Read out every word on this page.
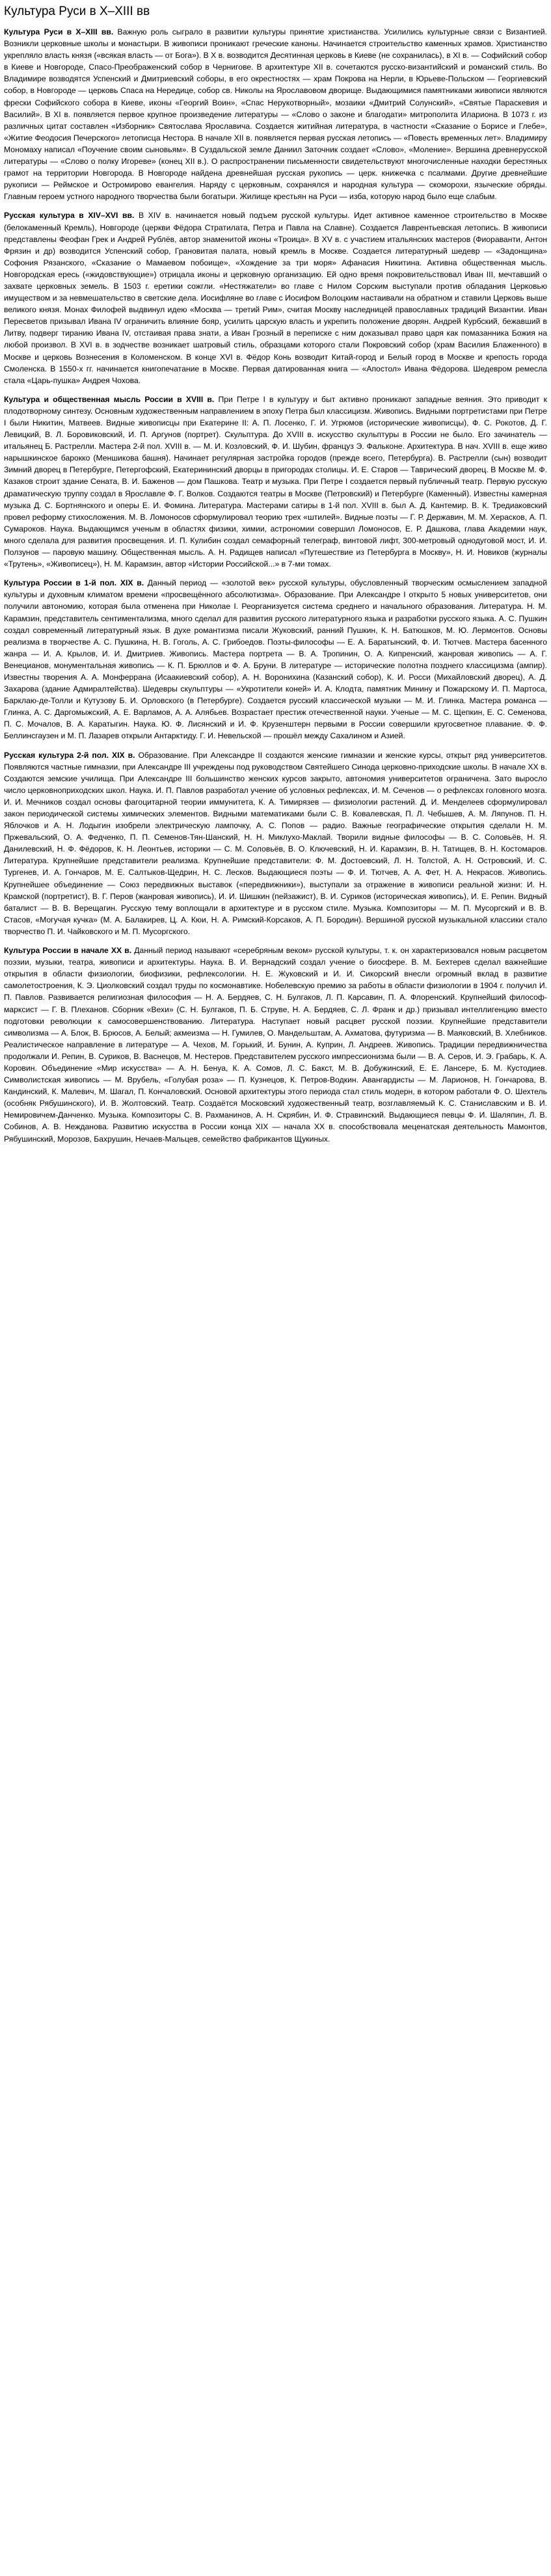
Культура Руси в X–XIII вв

Культура Руси в X–XIII вв. Важную роль сыграло в развитии культуры принятие христианства. Усилились культурные связи с Византией. Возникли церковные школы и монастыри. В живописи проникают греческие каноны. Начинается строительство каменных храмов. Христианство укрепляло власть князя («всякая власть — от Бога»). В X в. возводится Десятинная церковь в Киеве (не сохранилась), в XI в. — Софийский собор в Киеве и Новгороде, Спасо-Преображенский собор в Чернигове. В архитектуре XII в. сочетаются русско-византийский и романский стиль. Во Владимире возводятся Успенский и Дмитриевский соборы, в его окрестностях — храм Покрова на Нерли, в Юрьеве-Польском — Георгиевский собор, в Новгороде — церковь Спаса на Нередице, собор св. Николы на Ярославовом дворище. Выдающимися памятниками живописи являются фрески Софийского собора в Киеве, иконы «Георгий Воин», «Спас Нерукотворный», мозаики «Дмитрий Солунский», «Святые Параскевия и Василий». В XI в. появляется первое крупное произведение литературы — «Слово о законе и благодати» митрополита Илариона. В 1073 г. из различных цитат составлен «Изборник» Святослава Ярославича. Создается житийная литература, в частности «Сказание о Борисе и Глебе», «Житие Феодосия Печерского» летописца Нестора. В начале XII в. появляется первая русская летопись — «Повесть временных лет». Владимиру Мономаху написал «Поучение своим сыновьям». В Суздальской земле Даниил Заточник создает «Слово», «Моление». Вершина древнерусской литературы — «Слово о полку Игореве» (конец XII в.). О распространении письменности свидетельствуют многочисленные находки берестяных грамот на территории Новгорода. В Новгороде найдена древнейшая русская рукопись — церк. книжечка с псалмами. Другие древнейшие рукописи — Реймское и Остромирово евангелия. Наряду с церковным, сохранялся и народная культура — скоморохи, языческие обряды. Главным героем устного народного творчества были богатыри. Жилище крестьян на Руси — изба, которую народ было еще слабым.

Русская культура в XIV–XVI вв. В XIV в. начинается новый подъем русской культуры. Идет активное каменное строительство в Москве (белокаменный Кремль), Новгороде (церкви Фёдора Стратилата, Петра и Павла на Славне). Создается Лаврентьевская летопись. В живописи представлены Феофан Грек и Андрей Рублёв, автор знаменитой иконы «Троица». В XV в. с участием итальянских мастеров (Фиораванти, Антон Фрязин и др) возводится Успенский собор, Грановитая палата, новый кремль в Москве. Создается литературный шедевр — «Задонщина» Софония Рязанского, «Сказание о Мамаевом побоище», «Хождение за три моря» Афанасия Никитина. Активна общественная мысль. Новгородская ересь («жидовствующие») отрицала иконы и церковную организацию. Ей одно время покровительствовал Иван III, мечтавший о захвате церковных земель. В 1503 г. еретики сожгли. «Нестяжатели» во главе с Нилом Сорским выступали против обладания Церковью имуществом и за невмешательство в светские дела. Иосифляне во главе с Иосифом Волоцким настаивали на обратном и ставили Церковь выше великого князя. Монах Филофей выдвинул идею «Москва — третий Рим», считая Москву наследницей православных традиций Византии. Иван Пересветов призывал Ивана IV ограничить влияние бояр, усилить царскую власть и укрепить положение дворян. Андрей Курбский, бежавший в Литву, подверг тиранию Ивана IV, отстаивая права знати, а Иван Грозный в переписке с ним доказывал право царя как помазанника Божия на любой произвол. В XVI в. в зодчестве возникает шатровый стиль, образцами которого стали Покровский собор (храм Василия Блаженного) в Москве и церковь Вознесения в Коломенском. В конце XVI в. Фёдор Конь возводит Китай-город и Белый город в Москве и крепость города Смоленска. В 1550-х гг. начинается книгопечатание в Москве. Первая датированная книга — «Апостол» Ивана Фёдорова. Шедевром ремесла стала «Царь-пушка» Андрея Чохова.

Культура и общественная мысль России в XVIII в. При Петре I в культуру и быт активно проникают западные веяния. Это приводит к плодотворному синтезу. Основным художественным направлением в эпоху Петра был классицизм. Живопись. Видными портретистами при Петре I были Никитин, Матвеев. Видные живописцы при Екатерине II: А. П. Лосенко, Г. И. Угрюмов (исторические живописцы), Ф. С. Рокотов, Д. Г. Левицкий, В. Л. Боровиковский, И. П. Аргунов (портрет). Скульптура. До XVIII в. искусство скульптуры в России не было. Его зачинатель — итальянец Б. Растрелли. Мастера 2-й пол. XVIII в. — М. И. Козловский, Ф. И. Шубин, француз Э. Фальконе. Архитектура. В нач. XVIII в. еще живо нарышкинское барокко (Меншикова башня). Начинает регулярная застройка городов (прежде всего, Петербурга). В. Растрелли (сын) возводит Зимний дворец в Петербурге, Петергофский, Екатерининский дворцы в пригородах столицы. И. Е. Старов — Таврический дворец. В Москве М. Ф. Казаков строит здание Сената, В. И. Баженов — дом Пашкова. Театр и музыка. При Петре I создается первый публичный театр. Первую русскую драматическую труппу создал в Ярославле Ф. Г. Волков. Создаются театры в Москве (Петровский) и Петербурге (Каменный). Известны камерная музыка Д. С. Бортнянского и оперы Е. И. Фомина. Литература. Мастерами сатиры в 1-й пол. XVIII в. был А. Д. Кантемир. В. К. Тредиаковский провел реформу стихосложения. М. В. Ломоносов сформулировал теорию трех «штилей». Видные поэты — Г. Р. Державин, М. М. Херасков, А. П. Сумароков. Наука. Выдающимся ученым в областях физики, химии, астрономии совершил Ломоносов, Е. Р. Дашкова, глава Академии наук, много сделала для развития просвещения. И. П. Кулибин создал семафорный телеграф, винтовой лифт, 300-метровый однодуговой мост, И. И. Ползунов — паровую машину. Общественная мысль. А. Н. Радищев написал «Путешествие из Петербурга в Москву», Н. И. Новиков (журналы «Трутень», «Живописец»), Н. М. Карамзин, автор «Истории Российской...» в 7-ми томах.

Культура России в 1-й пол. XIX в. Данный период — «золотой век» русской культуры, обусловленный творческим осмыслением западной культуры и духовным климатом времени «просвещённого абсолютизма». Образование. При Александре I открыто 5 новых университетов, они получили автономию, которая была отменена при Николае I. Реорганизуется система среднего и начального образования. Литература. Н. М. Карамзин, представитель сентиментализма, много сделал для развития русского литературного языка и разработки русского языка. А. С. Пушкин создал современный литературный язык. В духе романтизма писали Жуковский, ранний Пушкин, К. Н. Батюшков, М. Ю. Лермонтов. Основы реализма в творчестве А. С. Пушкина, Н. В. Гоголь, А. С. Грибоедов. Поэты-философы — Е. А. Баратынский, Ф. И. Тютчев. Мастера басенного жанра — И. А. Крылов, И. И. Дмитриев. Живопись. Мастера портрета — В. А. Тропинин, О. А. Кипренский, жанровая живопись — А. Г. Венецианов, монументальная живопись — К. П. Брюллов и Ф. А. Бруни. В литературе — исторические полотна позднего классицизма (ампир). Известны творения А. А. Монферрана (Исаакиевский собор), А. Н. Воронихина (Казанский собор), К. И. Росси (Михайловский дворец), А. Д. Захарова (здание Адмиралтейства). Шедевры скульптуры — «Укротители коней» И. А. Клодта, памятник Минину и Пожарскому И. П. Мартоса, Барклаю-де-Толли и Кутузову Б. И. Орловского (в Петербурге). Создается русский классической музыки — М. И. Глинка. Мастера романса — Глинка, А. С. Даргомыжский, А. Е. Варламов, А. А. Алябьев. Возрастает престиж отечественной науки. Ученые — М. С. Щепкин, Е. С. Семенова, П. С. Мочалов, В. А. Каратыгин. Наука. Ю. Ф. Лисянский и И. Ф. Крузенштерн первыми в России совершили кругосветное плавание. Ф. Ф. Беллинсгаузен и М. П. Лазарев открыли Антарктиду. Г. И. Невельской — прошёл между Сахалином и Азией.

Русская культура 2-й пол. XIX в. Образование. При Александре II создаются женские гимназии и женские курсы, открыт ряд университетов. Появляются частные гимназии, при Александре III учреждены под руководством Святейшего Синода церковно-приходские школы. В начале XX в. Создаются земские училища. При Александре III большинство женских курсов закрыто, автономия университетов ограничена. Зато выросло число церковноприходских школ. Наука. И. П. Павлов разработал учение об условных рефлексах, И. М. Сеченов — о рефлексах головного мозга. И. И. Мечников создал основы фагоцитарной теории иммунитета, К. А. Тимирязев — физиологии растений. Д. И. Менделеев сформулировал закон периодической системы химических элементов. Видными математиками были С. В. Ковалевская, П. Л. Чебышев, А. М. Ляпунов. П. Н. Яблочков и А. Н. Лодыгин изобрели электрическую лампочку, А. С. Попов — радио. Важные географические открытия сделали Н. М. Пржевальский, О. А. Федченко, П. П. Семенов-Тян-Шанский, Н. Н. Миклухо-Маклай. Творили видные философы — В. С. Соловьёв, Н. Я. Данилевский, Н. Ф. Фёдоров, К. Н. Леонтьев, историки — С. М. Соловьёв, В. О. Ключевский, Н. И. Карамзин, В. Н. Татищев, В. Н. Костомаров. Литература. Крупнейшие представители реализма. Крупнейшие представители: Ф. М. Достоевский, Л. Н. Толстой, А. Н. Островский, И. С. Тургенев, И. А. Гончаров, М. Е. Салтыков-Щедрин, Н. С. Лесков. Выдающиеся поэты — Ф. И. Тютчев, А. А. Фет, Н. А. Некрасов. Живопись. Крупнейшее объединение — Союз передвижных выставок («передвижники»), выступали за отражение в живописи реальной жизни: И. Н. Крамской (портретист), В. Г. Перов (жанровая живопись), И. И. Шишкин (пейзажист), В. И. Суриков (историческая живопись), И. Е. Репин. Видный баталист — В. В. Верещагин. Русскую тему воплощали в архитектуре и в русском стиле. Музыка. Композиторы — М. П. Мусоргский и В. В. Стасов, «Могучая кучка» (М. А. Балакирев, Ц. А. Кюи, Н. А. Римский-Корсаков, А. П. Бородин). Вершиной русской музыкальной классики стало творчество П. И. Чайковского и М. П. Мусоргского.

Культура России в начале XX в. Данный период называют «серебряным веком» русской культуры, т. к. он характеризовался новым расцветом поэзии, музыки, театра, живописи и архитектуры. Наука. В. И. Вернадский создал учение о биосфере. В. М. Бехтерев сделал важнейшие открытия в области физиологии, биофизики, рефлексологии. Н. Е. Жуковский и И. И. Сикорский внесли огромный вклад в развитие самолетостроения, К. Э. Циолковский создал труды по космонавтике. Нобелевскую премию за работы в области физиологии в 1904 г. получил И. П. Павлов. Развивается религиозная философия — Н. А. Бердяев, С. Н. Булгаков, Л. П. Карсавин, П. А. Флоренский. Крупнейший философ-марксист — Г. В. Плеханов. Сборник «Вехи» (С. Н. Булгаков, П. Б. Струве, Н. А. Бердяев, С. Л. Франк и др.) призывал интеллигенцию вместо подготовки революции к самосовершенствованию. Литература. Наступает новый расцвет русской поэзии. Крупнейшие представители символизма — А. Блок, В. Брюсов, А. Белый; акмеизма — Н. Гумилев, О. Мандельштам, А. Ахматова, футуризма — В. Маяковский, В. Хлебников. Реалистическое направление в литературе — А. Чехов, М. Горький, И. Бунин, А. Куприн, Л. Андреев. Живопись. Традиции передвижничества продолжали И. Репин, В. Суриков, В. Васнецов, М. Нестеров. Представителем русского импрессионизма были — В. А. Серов, И. Э. Грабарь, К. А. Коровин. Объединение «Мир искусства» — А. Н. Бенуа, К. А. Сомов, Л. С. Бакст, М. В. Добужинский, Е. Е. Лансере, Б. М. Кустодиев. Символистская живопись — М. Врубель, «Голубая роза» — П. Кузнецов, К. Петров-Водкин. Авангардисты — М. Ларионов, Н. Гончарова, В. Кандинский, К. Малевич, М. Шагал, П. Кончаловский. Основой архитектуры этого периода стал стиль модерн, в котором работали Ф. О. Шехтель (особняк Рябушинского), И. В. Жолтовский. Театр. Создаётся Московский художественный театр, возглавляемый К. С. Станиславским и В. И. Немировичем-Данченко. Музыка. Композиторы С. В. Рахманинов, А. Н. Скрябин, И. Ф. Стравинский. Выдающиеся певцы Ф. И. Шаляпин, Л. В. Собинов, А. В. Нежданова. Развитию искусства в России конца XIX — начала XX в. способствовала меценатская деятельность Мамонтов, Рябушинский, Морозов, Бахрушин, Нечаев-Мальцев, семейство фабрикантов Щукиных.
